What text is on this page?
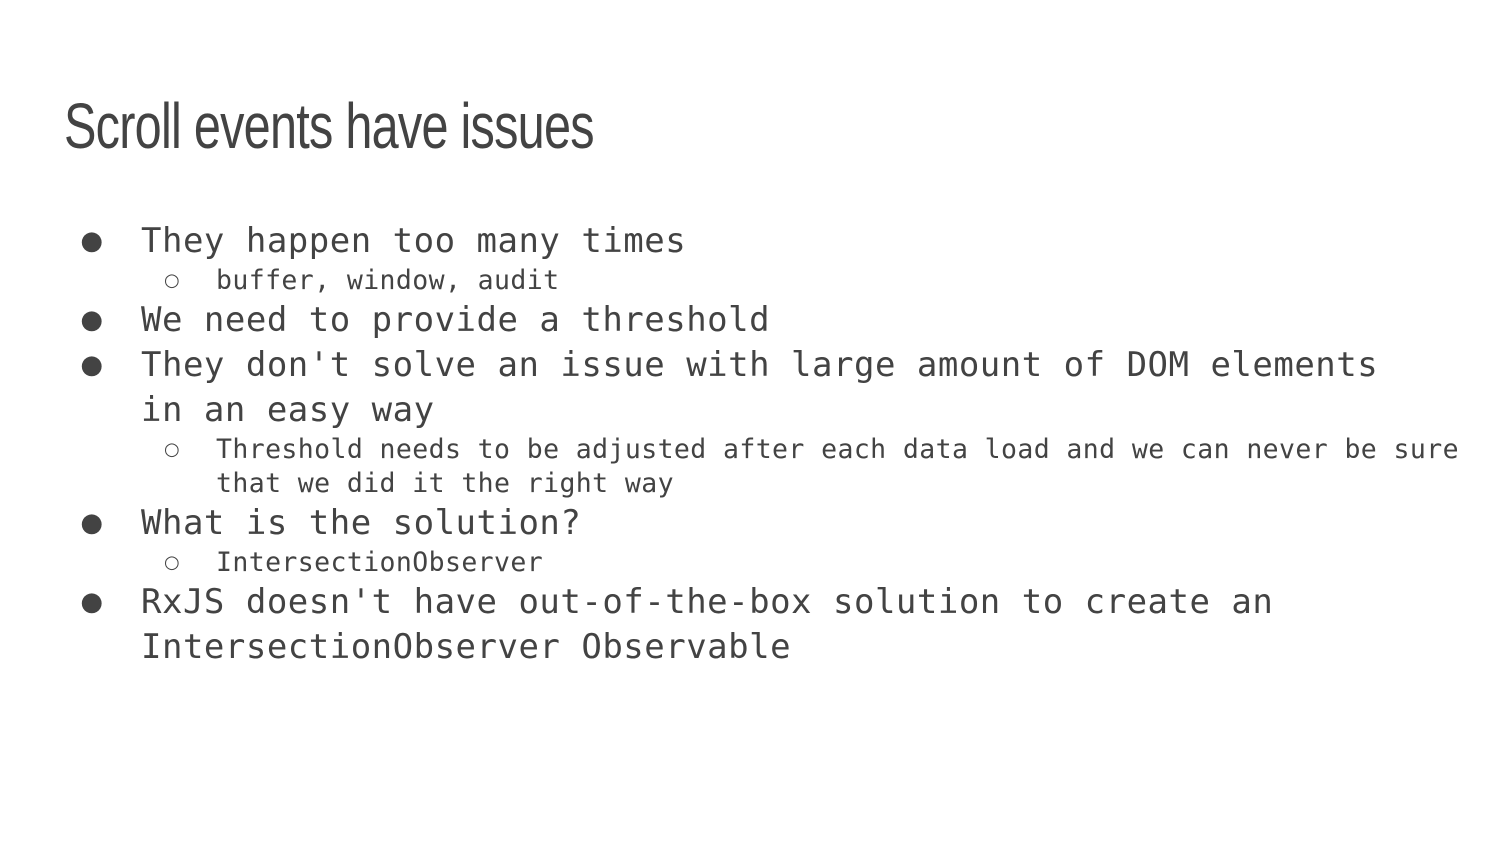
Scroll events have issues
● They happen too many times
○ buffer, window, audit
● We need to provide a threshold
● They don't solve an issue with large amount of DOM elements in an easy way
○ Threshold needs to be adjusted after each data load and we can never be sure that we did it the right way
● What is the solution?
○ IntersectionObserver
● RxJS doesn't have out-of-the-box solution to create an IntersectionObserver Observable
